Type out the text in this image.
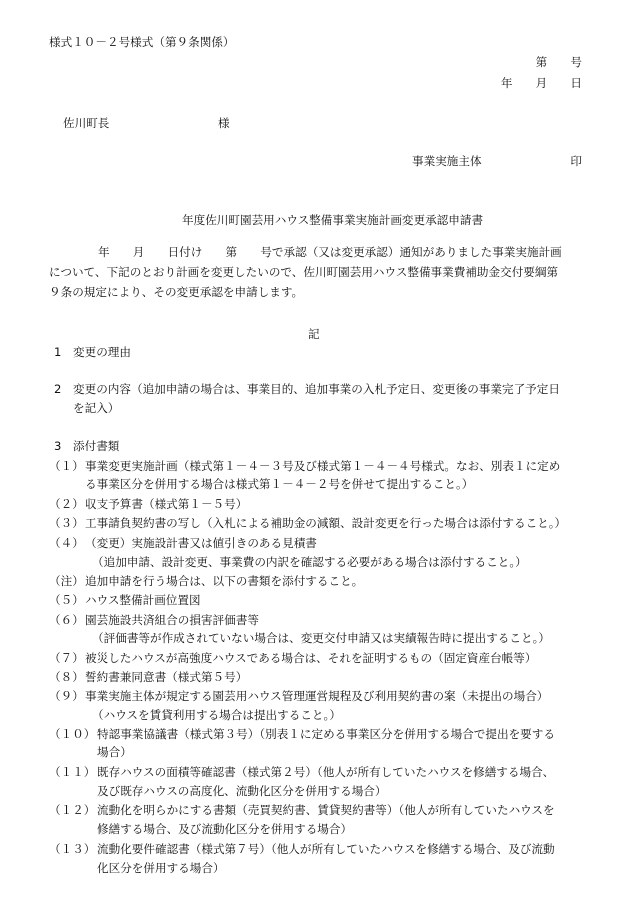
様式１０－２号様式（第９条関係）
第　　号
年　　月　　日
佐川町長	様
事業実施主体	印
年度佐川町園芸用ハウス整備事業実施計画変更承認申請書
年　　月　　日付け　　第　　号で承認（又は変更承認）通知がありました事業実施計画
について、下記のとおり計画を変更したいので、佐川町園芸用ハウス整備事業費補助金交付要綱第
９条の規定により、その変更承認を申請します。
記
1 変更の理由
2 変更の内容（追加申請の場合は、事業目的、追加事業の入札予定日、変更後の事業完了予定日
を記入）
3 添付書類
（１） 事業変更実施計画（様式第１－４－３号及び様式第１－４－４号様式。なお、別表１に定め
る事業区分を併用する場合は様式第１－４－２号を併せて提出すること。）
（２） 収支予算書（様式第１－５号）
（３） 工事請負契約書の写し（入札による補助金の減額、設計変更を行った場合は添付すること。）
（４） （変更）実施設計書又は値引きのある見積書
（追加申請、設計変更、事業費の内訳を確認する必要がある場合は添付すること。）
（注） 追加申請を行う場合は、以下の書類を添付すること。
（５） ハウス整備計画位置図
（６） 園芸施設共済組合の損害評価書等
（評価書等が作成されていない場合は、変更交付申請又は実績報告時に提出すること。）
（７） 被災したハウスが高強度ハウスである場合は、それを証明するもの（固定資産台帳等）
（８） 誓約書兼同意書（様式第５号）
（９） 事業実施主体が規定する園芸用ハウス管理運営規程及び利用契約書の案（未提出の場合）
（ハウスを賃貸利用する場合は提出すること。）
（１０） 特認事業協議書（様式第３号）（別表１に定める事業区分を併用する場合で提出を要する
場合）
（１１） 既存ハウスの面積等確認書（様式第２号）（他人が所有していたハウスを修繕する場合、
及び既存ハウスの高度化、流動化区分を併用する場合）
（１２） 流動化を明らかにする書類（売買契約書、賃貸契約書等）（他人が所有していたハウスを
修繕する場合、及び流動化区分を併用する場合）
（１３） 流動化要件確認書（様式第７号）（他人が所有していたハウスを修繕する場合、及び流動
化区分を併用する場合）
